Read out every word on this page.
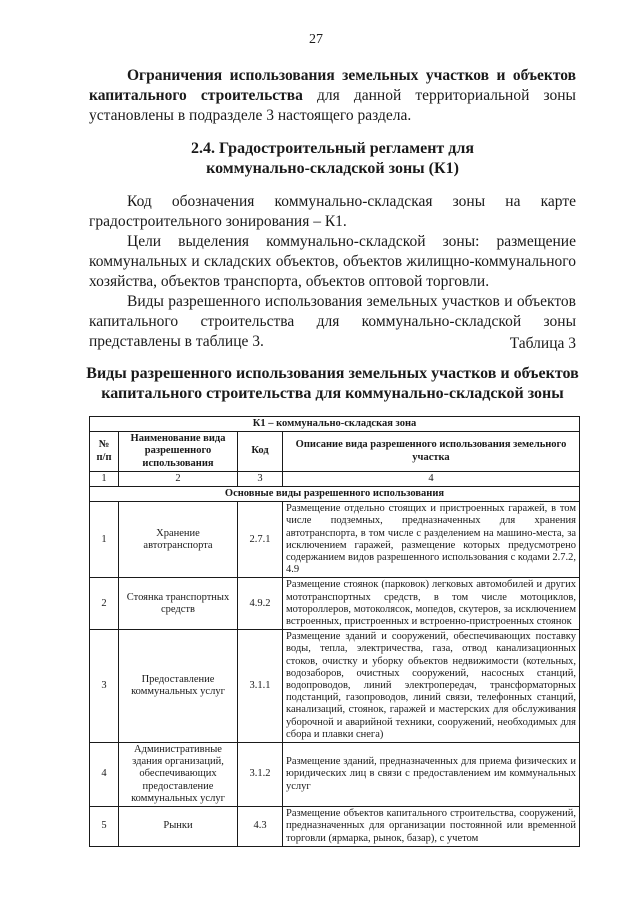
27

Ограничения использования земельных участков и объектов капитального строительства для данной территориальной зоны установлены в подразделе 3 настоящего раздела.

2.4. Градостроительный регламент для
коммунально-складской зоны (К1)

Код обозначения коммунально-складская зоны на карте градостроительного зонирования – К1.

Цели выделения коммунально-складской зоны: размещение коммунальных и складских объектов, объектов жилищно-коммунального хозяйства, объектов транспорта, объектов оптовой торговли.

Виды разрешенного использования земельных участков и объектов капитального строительства для коммунально-складской зоны представлены в таблице 3.	Таблица 3
Виды разрешенного использования земельных участков и объектов
капитального строительства для коммунально-складской зоны
К1 – коммунально-складская зона			
№ п/п	Наименование вида разрешенного использования	Код	Описание вида разрешенного использования земельного участка
1	2	3	4
Основные виды разрешенного использования			
1	Хранение автотранспорта	2.7.1	Размещение отдельно стоящих и пристроенных гаражей, в том числе подземных, предназначенных для хранения автотранспорта, в том числе с разделением на машино-места, за исключением гаражей, размещение которых предусмотрено содержанием видов разрешенного использования с кодами 2.7.2, 4.9
2	Стоянка транспортных средств	4.9.2	Размещение стоянок (парковок) легковых автомобилей и других мототранспортных средств, в том числе мотоциклов, мотороллеров, мотоколясок, мопедов, скутеров, за исключением встроенных, пристроенных и встроенно-пристроенных стоянок
3	Предоставление коммунальных услуг	3.1.1	Размещение зданий и сооружений, обеспечивающих поставку воды, тепла, электричества, газа, отвод канализационных стоков, очистку и уборку объектов недвижимости (котельных, водозаборов, очистных сооружений, насосных станций, водопроводов, линий электропередач, трансформаторных подстанций, газопроводов, линий связи, телефонных станций, канализаций, стоянок, гаражей и мастерских для обслуживания уборочной и аварийной техники, сооружений, необходимых для сбора и плавки снега)
4	Административные здания организаций, обеспечивающих предоставление коммунальных услуг	3.1.2	Размещение зданий, предназначенных для приема физических и юридических лиц в связи с предоставлением им коммунальных услуг
5	Рынки	4.3	Размещение объектов капитального строительства, сооружений, предназначенных для организации постоянной или временной торговли (ярмарка, рынок, базар), с учетом
